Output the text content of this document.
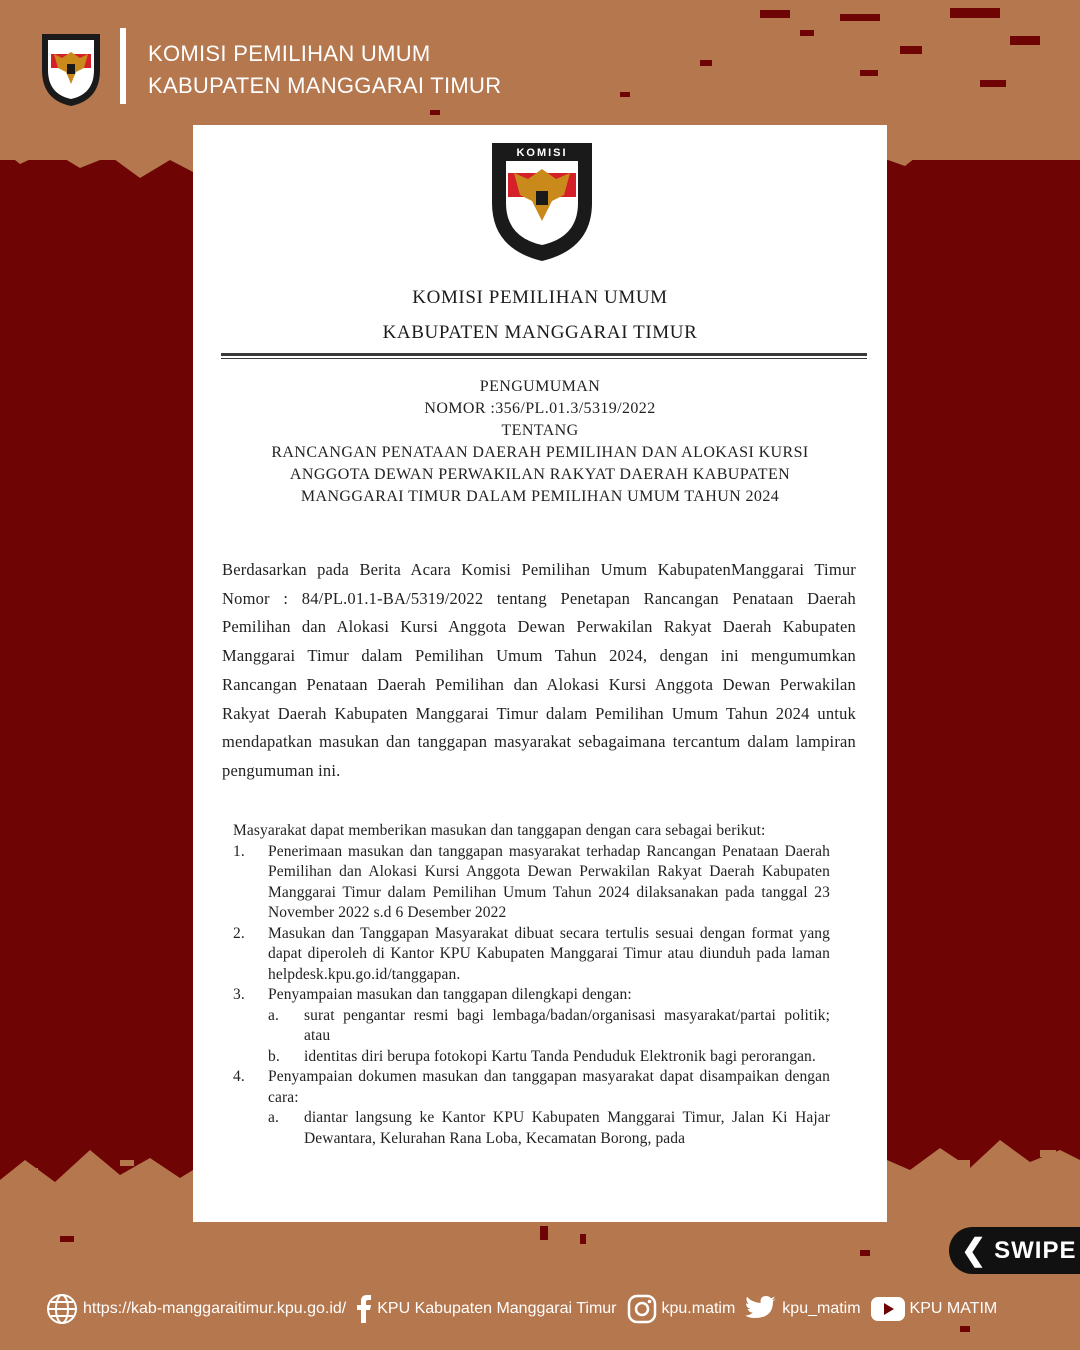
KOMISI PEMILIHAN UMUM
KABUPATEN MANGGARAI TIMUR
KOMISI
KOMISI PEMILIHAN UMUM
KABUPATEN MANGGARAI TIMUR
PENGUMUMAN
NOMOR :356/PL.01.3/5319/2022
TENTANG
RANCANGAN PENATAAN DAERAH PEMILIHAN DAN ALOKASI KURSI
ANGGOTA DEWAN PERWAKILAN RAKYAT DAERAH KABUPATEN
MANGGARAI TIMUR DALAM PEMILIHAN UMUM TAHUN 2024
Berdasarkan pada Berita Acara Komisi Pemilihan Umum KabupatenManggarai Timur Nomor : 84/PL.01.1-BA/5319/2022 tentang Penetapan Rancangan Penataan Daerah Pemilihan dan Alokasi Kursi Anggota Dewan Perwakilan Rakyat Daerah Kabupaten Manggarai Timur dalam Pemilihan Umum Tahun 2024, dengan ini mengumumkan Rancangan Penataan Daerah Pemilihan dan Alokasi Kursi Anggota Dewan Perwakilan Rakyat Daerah Kabupaten Manggarai Timur dalam Pemilihan Umum Tahun 2024 untuk mendapatkan masukan dan tanggapan masyarakat sebagaimana tercantum dalam lampiran pengumuman ini.
Masyarakat dapat memberikan masukan dan tanggapan dengan cara sebagai berikut:
1.	Penerimaan masukan dan tanggapan masyarakat terhadap Rancangan Penataan Daerah Pemilihan dan Alokasi Kursi Anggota Dewan Perwakilan Rakyat Daerah Kabupaten Manggarai Timur dalam Pemilihan Umum Tahun 2024 dilaksanakan pada tanggal 23 November 2022 s.d 6 Desember 2022
2.	Masukan dan Tanggapan Masyarakat dibuat secara tertulis sesuai dengan format yang dapat diperoleh di Kantor KPU Kabupaten Manggarai Timur atau diunduh pada laman helpdesk.kpu.go.id/tanggapan.
3.	Penyampaian masukan dan tanggapan dilengkapi dengan:
a.	surat pengantar resmi bagi lembaga/badan/organisasi masyarakat/partai politik; atau
b.	identitas diri berupa fotokopi Kartu Tanda Penduduk Elektronik bagi perorangan.
4.	Penyampaian dokumen masukan dan tanggapan masyarakat dapat disampaikan dengan cara:
a.	diantar langsung ke Kantor KPU Kabupaten Manggarai Timur, Jalan Ki Hajar Dewantara, Kelurahan Rana Loba, Kecamatan Borong, pada
❮ SWIPE
https://kab-manggaraitimur.kpu.go.id/ KPU Kabupaten Manggarai Timur	kpu.matim	kpu_matim	KPU MATIM
